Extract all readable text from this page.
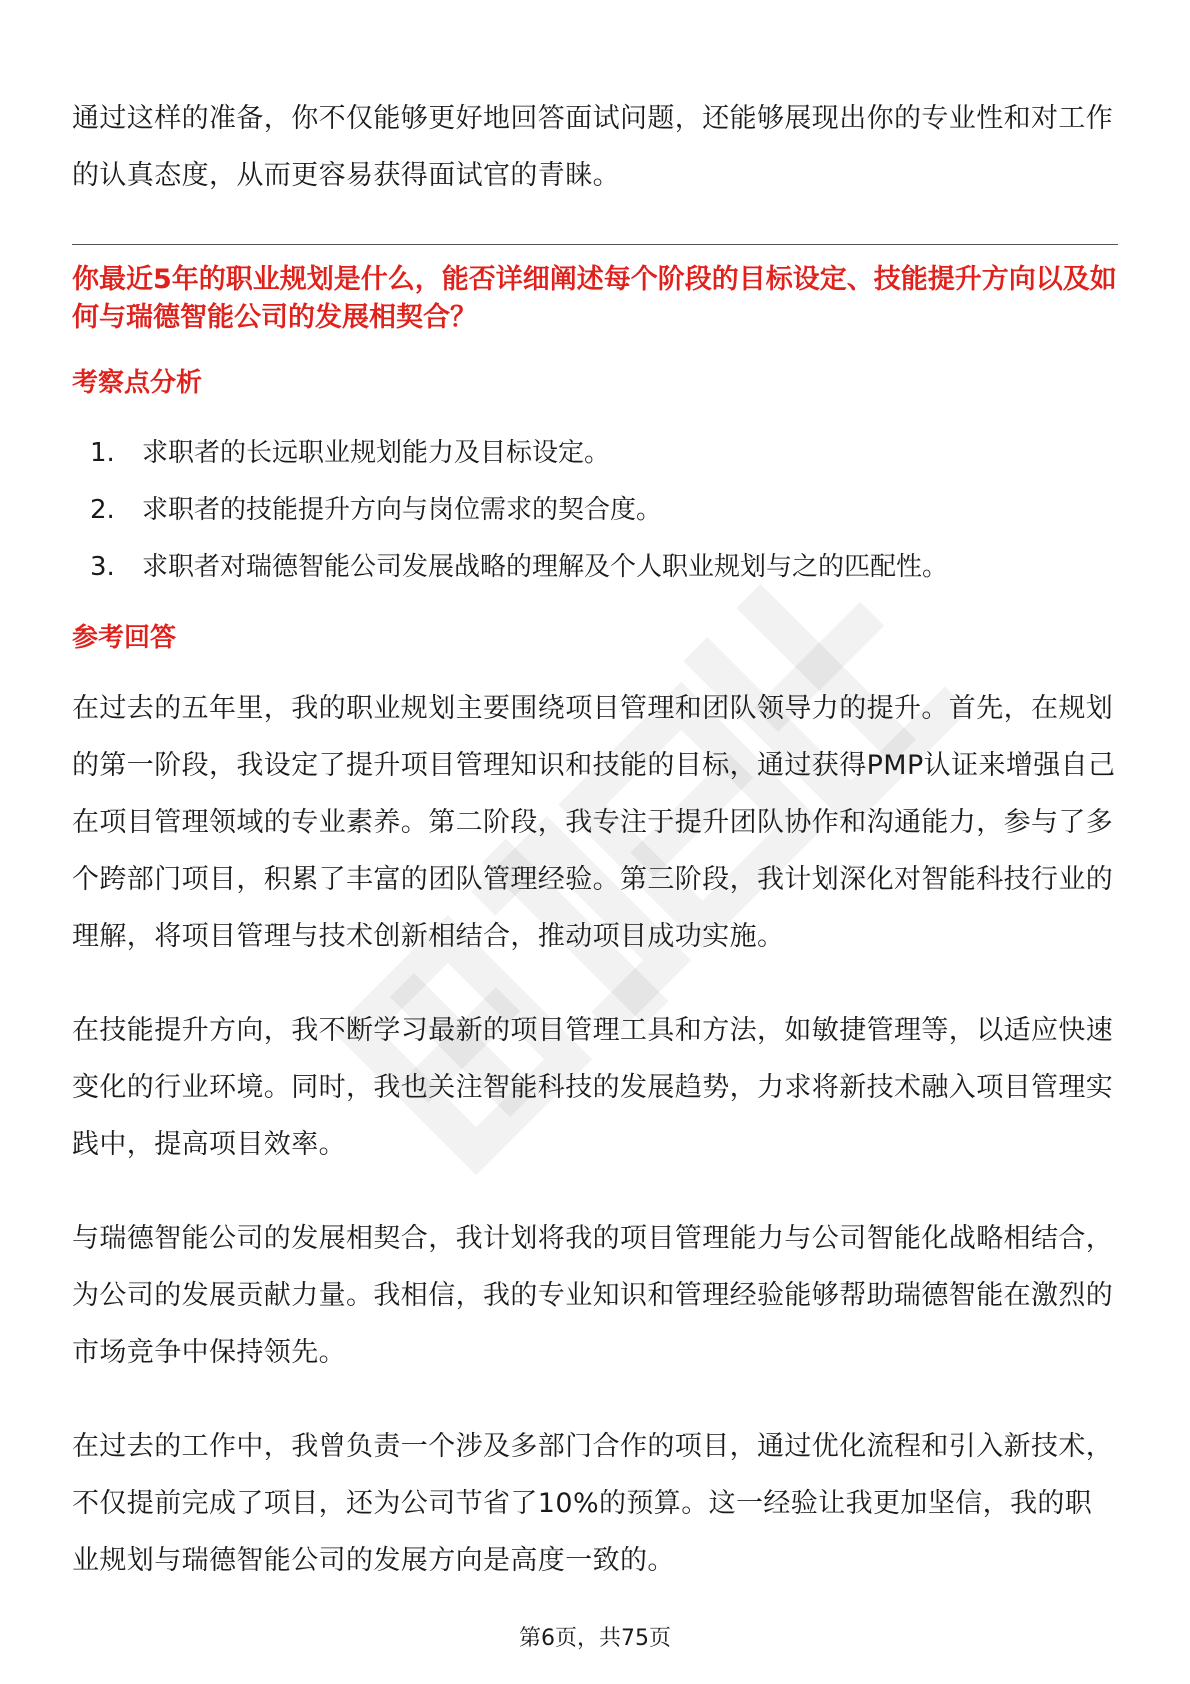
通过这样的准备，你不仅能够更好地回答面试问题，还能够展现出你的专业性和对工作的认真态度，从而更容易获得面试官的青睐。

你最近5年的职业规划是什么，能否详细阐述每个阶段的目标设定、技能提升方向以及如何与瑞德智能公司的发展相契合？

考察点分析
1.	求职者的长远职业规划能力及目标设定。
2.	求职者的技能提升方向与岗位需求的契合度。
3.	求职者对瑞德智能公司发展战略的理解及个人职业规划与之的匹配性。
参考回答

在过去的五年里，我的职业规划主要围绕项目管理和团队领导力的提升。首先，在规划的第一阶段，我设定了提升项目管理知识和技能的目标，通过获得PMP认证来增强自己在项目管理领域的专业素养。第二阶段，我专注于提升团队协作和沟通能力，参与了多个跨部门项目，积累了丰富的团队管理经验。第三阶段，我计划深化对智能科技行业的理解，将项目管理与技术创新相结合，推动项目成功实施。

在技能提升方向，我不断学习最新的项目管理工具和方法，如敏捷管理等，以适应快速变化的行业环境。同时，我也关注智能科技的发展趋势，力求将新技术融入项目管理实践中，提高项目效率。

与瑞德智能公司的发展相契合，我计划将我的项目管理能力与公司智能化战略相结合，为公司的发展贡献力量。我相信，我的专业知识和管理经验能够帮助瑞德智能在激烈的市场竞争中保持领先。

在过去的工作中，我曾负责一个涉及多部门合作的项目，通过优化流程和引入新技术，不仅提前完成了项目，还为公司节省了10%的预算。这一经验让我更加坚信，我的职业规划与瑞德智能公司的发展方向是高度一致的。

第6页，共75页
